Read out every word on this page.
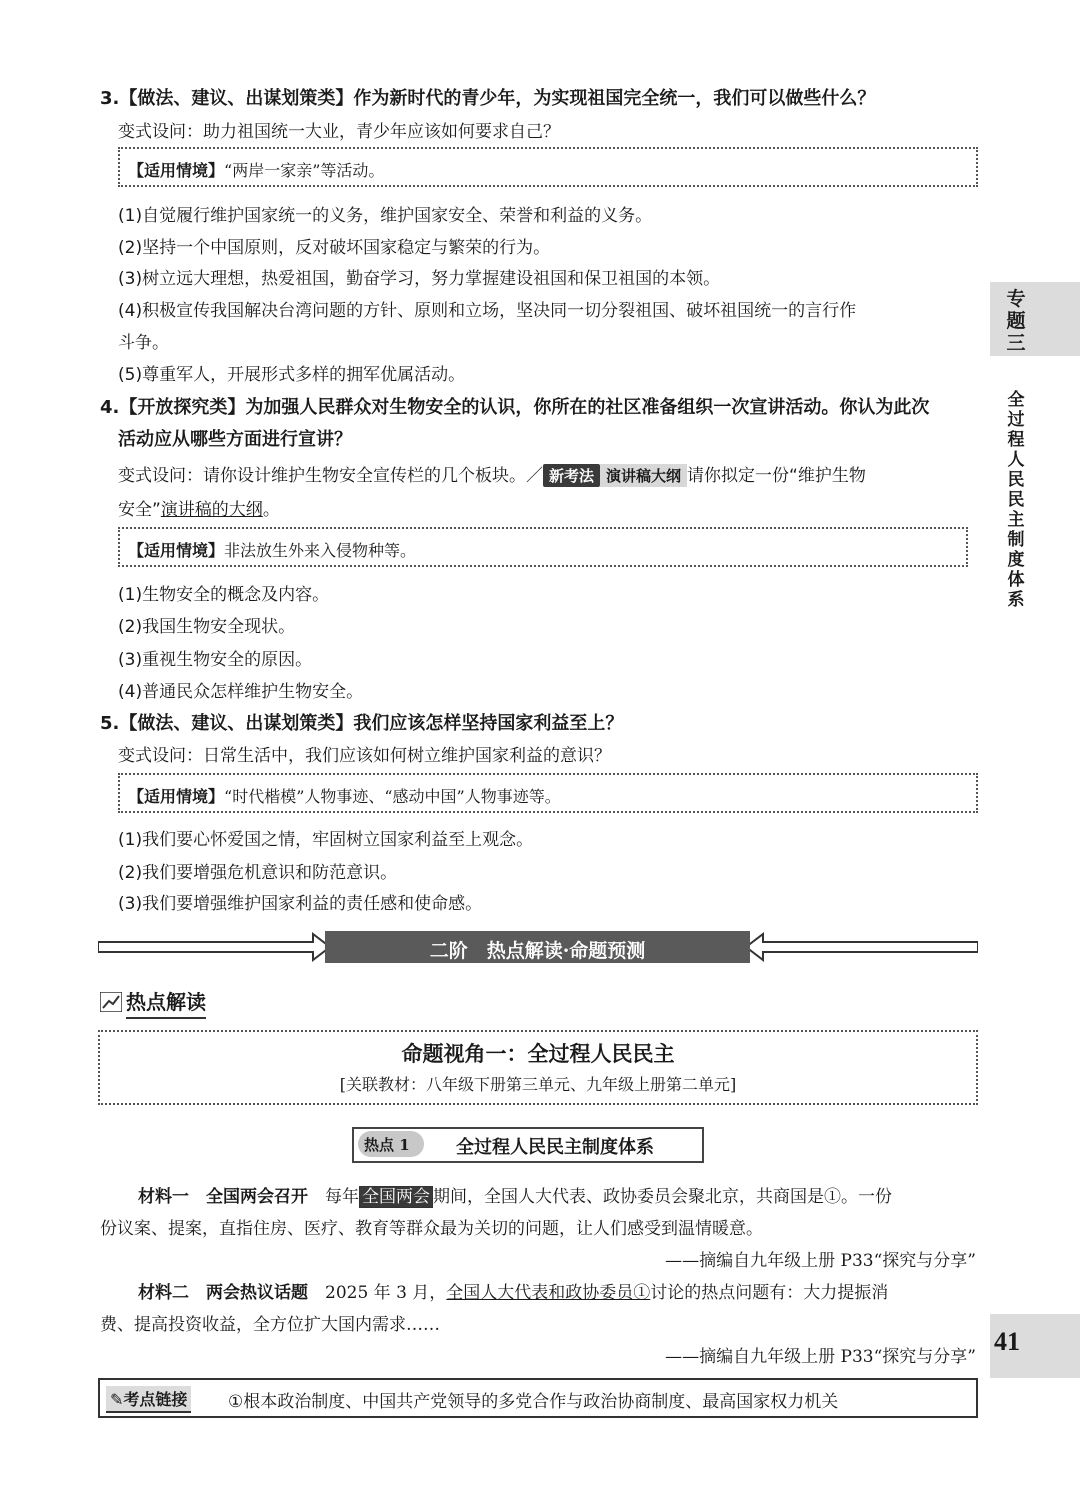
3.【做法、建议、出谋划策类】作为新时代的青少年，为实现祖国完全统一，我们可以做些什么？
变式设问：助力祖国统一大业，青少年应该如何要求自己？
【适用情境】“两岸一家亲”等活动。
(1)自觉履行维护国家统一的义务，维护国家安全、荣誉和利益的义务。
(2)坚持一个中国原则，反对破坏国家稳定与繁荣的行为。
(3)树立远大理想，热爱祖国，勤奋学习，努力掌握建设祖国和保卫祖国的本领。
(4)积极宣传我国解决台湾问题的方针、原则和立场，坚决同一切分裂祖国、破坏祖国统一的言行作
斗争。
(5)尊重军人，开展形式多样的拥军优属活动。
4.【开放探究类】为加强人民群众对生物安全的认识，你所在的社区准备组织一次宣讲活动。你认为此次
活动应从哪些方面进行宣讲？
变式设问：请你设计维护生物安全宣传栏的几个板块。／ 新考法 演讲稿大纲 请你拟定一份“维护生物
安全”演讲稿的大纲。
【适用情境】非法放生外来入侵物种等。
(1)生物安全的概念及内容。
(2)我国生物安全现状。
(3)重视生物安全的原因。
(4)普通民众怎样维护生物安全。
5.【做法、建议、出谋划策类】我们应该怎样坚持国家利益至上？
变式设问：日常生活中，我们应该如何树立维护国家利益的意识？
【适用情境】“时代楷模”人物事迹、“感动中国”人物事迹等。
(1)我们要心怀爱国之情，牢固树立国家利益至上观念。
(2)我们要增强危机意识和防范意识。
(3)我们要增强维护国家利益的责任感和使命感。
二阶　热点解读·命题预测
热点解读
命题视角一：全过程人民民主
[关联教材：八年级下册第三单元、九年级上册第二单元]
热点 1	全过程人民民主制度体系
材料一　全国两会召开　 每年 全国两会 期间，全国人大代表、政协委员会聚北京，共商国是①。一份
份议案、提案，直指住房、医疗、教育等群众最为关切的问题，让人们感受到温情暖意。
——摘编自九年级上册 P33“探究与分享”
材料二　两会热议话题　 2025 年 3 月，全国人大代表和政协委员①讨论的热点问题有：大力提振消
费、提高投资收益，全方位扩大国内需求……
——摘编自九年级上册 P33“探究与分享”
✎考点链接 ①根本政治制度、中国共产党领导的多党合作与政治协商制度、最高国家权力机关
专题三
全过程人民民主制度体系
41
